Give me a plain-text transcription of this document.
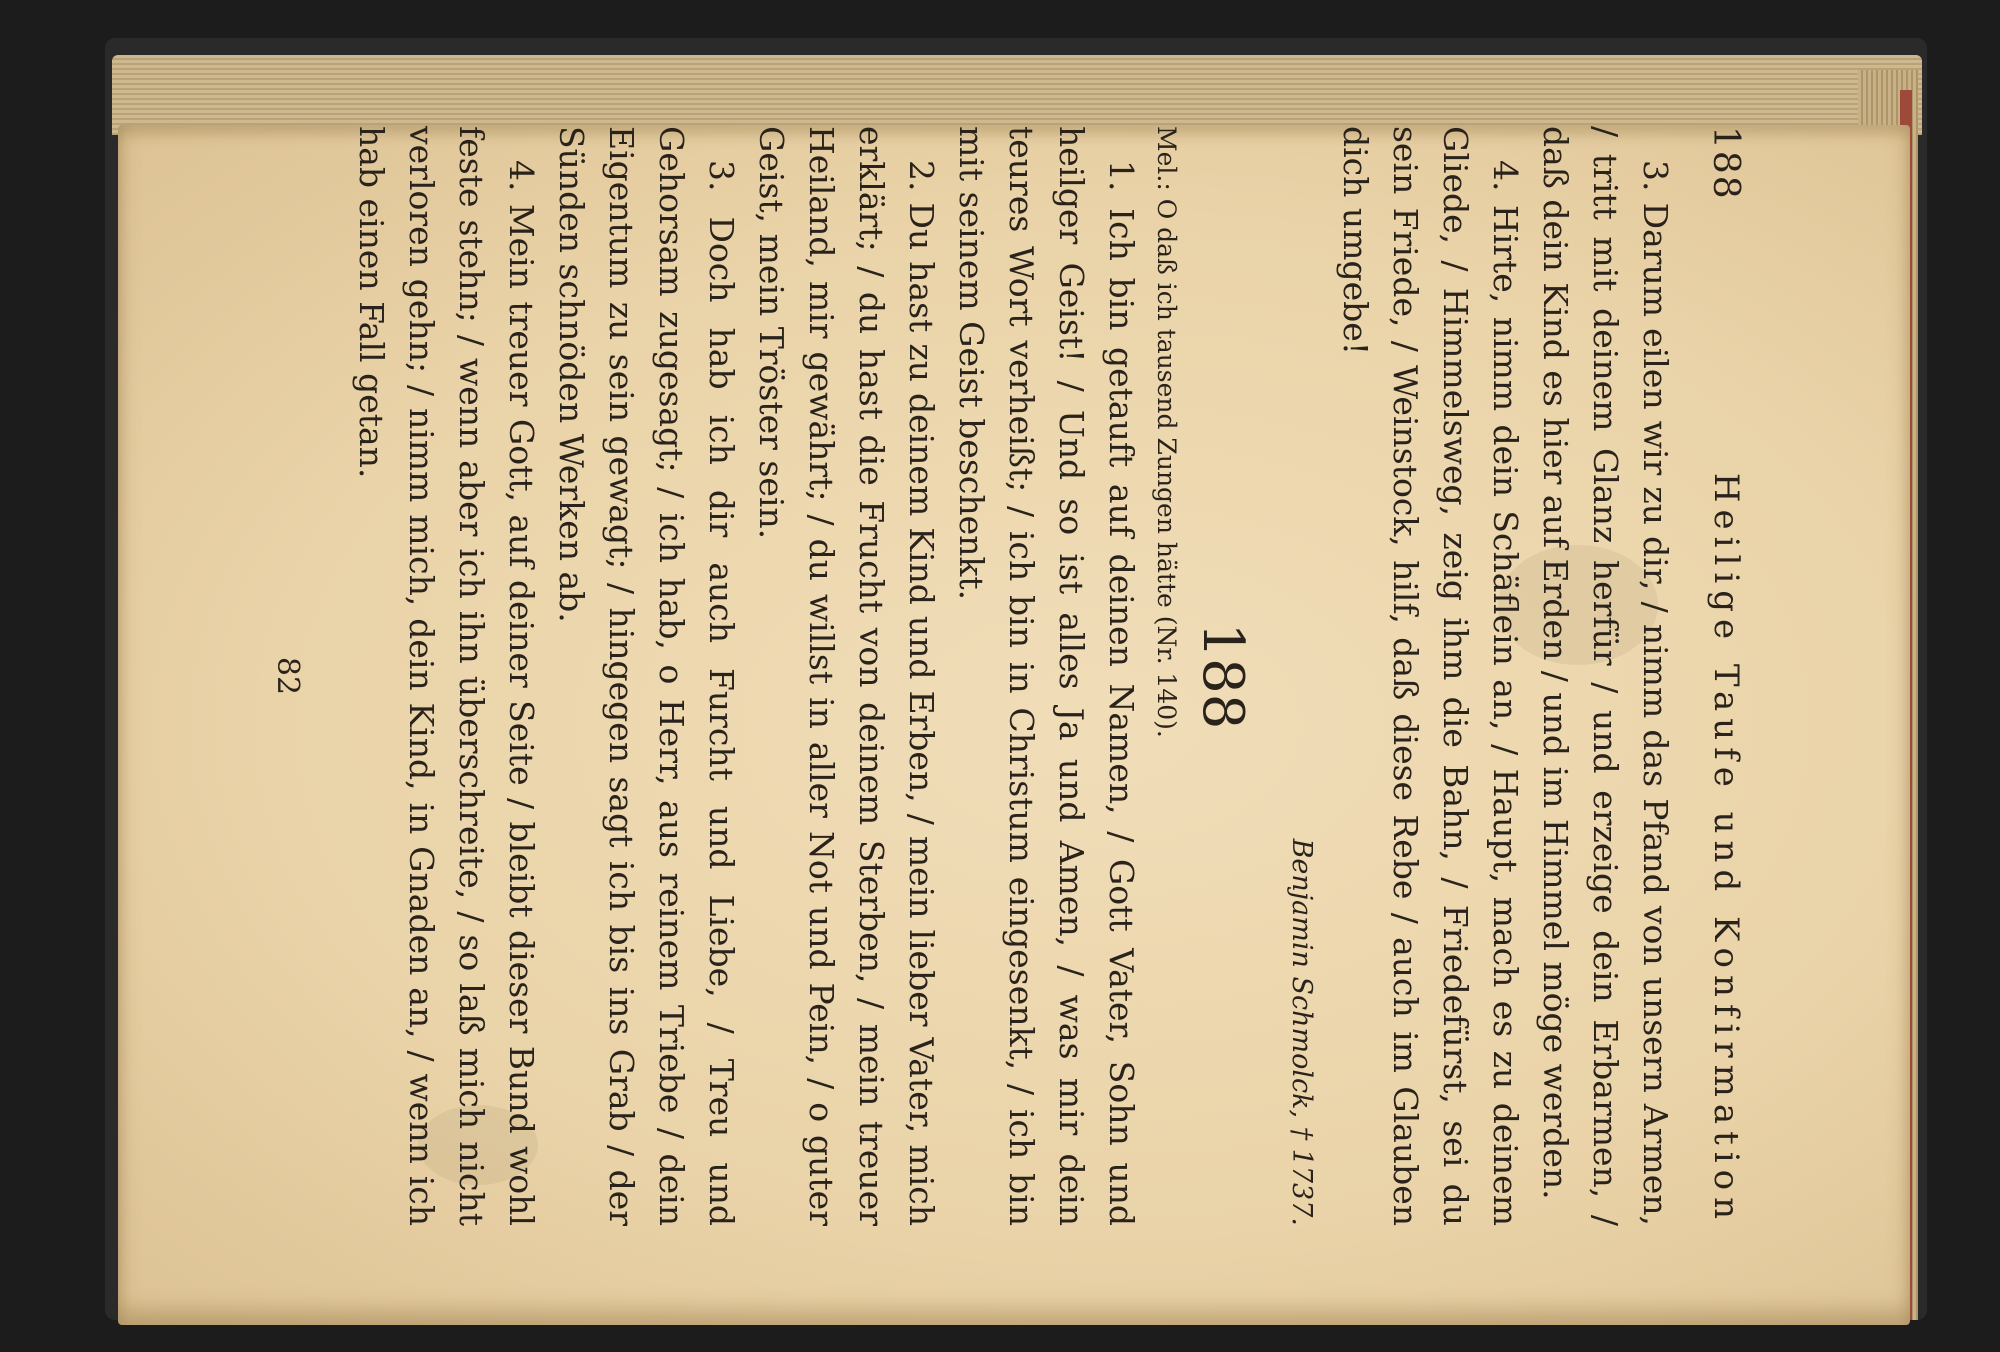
188
Heilige Taufe und Konfirmation

3. Darum eilen wir zu dir, / nimm das Pfand von unsern Armen, / tritt mit deinem Glanz herfür / und erzeige dein Erbarmen, / daß dein Kind es hier auf Erden / und im Himmel möge werden.

4. Hirte, nimm dein Schäflein an, / Haupt, mach es zu deinem Gliede, / Himmelsweg, zeig ihm die Bahn, / Friedefürst, sei du sein Friede, / Weinstock, hilf, daß diese Rebe / auch im Glauben dich umgebe!

Benjamin Schmolck, † 1737.
188

Mel.: O daß ich tausend Zungen hätte (Nr. 140).

1. Ich bin getauft auf deinen Namen, / Gott Vater, Sohn und heilger Geist! / Und so ist alles Ja und Amen, / was mir dein teures Wort verheißt; / ich bin in Christum eingesenkt, / ich bin mit seinem Geist beschenkt.

2. Du hast zu deinem Kind und Erben, / mein lieber Vater, mich erklärt; / du hast die Frucht von deinem Sterben, / mein treuer Heiland, mir gewährt; / du willst in aller Not und Pein, / o guter Geist, mein Tröster sein.

3. Doch hab ich dir auch Furcht und Liebe, / Treu und Gehorsam zugesagt; / ich hab, o Herr, aus reinem Triebe / dein Eigentum zu sein gewagt; / hingegen sagt ich bis ins Grab / der Sünden schnöden Werken ab.

4. Mein treuer Gott, auf deiner Seite / bleibt dieser Bund wohl feste stehn; / wenn aber ich ihn überschreite, / so laß mich nicht verloren gehn; / nimm mich, dein Kind, in Gnaden an, / wenn ich hab einen Fall getan.

82
